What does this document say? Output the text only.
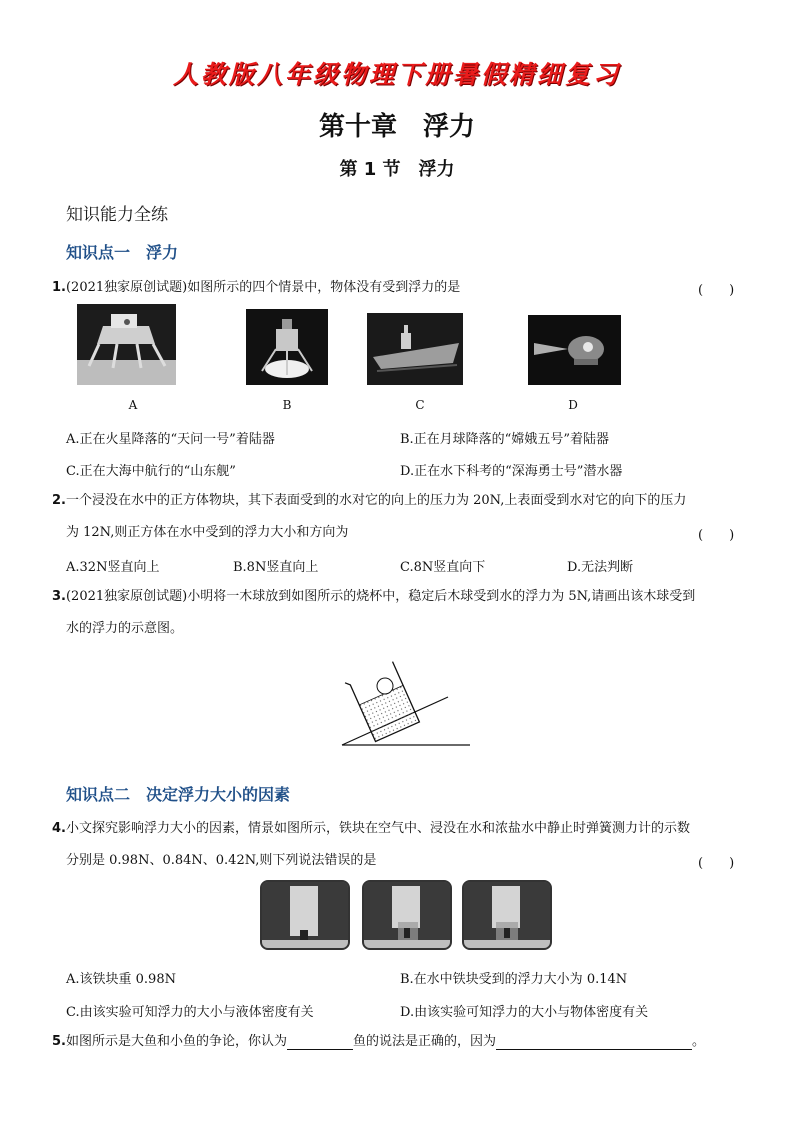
人教版八年级物理下册暑假精细复习
第十章　浮力
第 1 节　浮力
知识能力全练
知识点一　浮力
1.(2021独家原创试题)如图所示的四个情景中，物体没有受到浮力的是	(　　)
A	B	C	D
A.正在火星降落的“天问一号”着陆器	B.正在月球降落的“嫦娥五号”着陆器
C.正在大海中航行的“山东舰”	D.正在水下科考的“深海勇士号”潜水器
2.一个浸没在水中的正方体物块，其下表面受到的水对它的向上的压力为 20N,上表面受到水对它的向下的压力
为 12N,则正方体在水中受到的浮力大小和方向为	(　　)
A.32N竖直向上	B.8N竖直向上	C.8N竖直向下	D.无法判断
3.(2021独家原创试题)小明将一木球放到如图所示的烧杯中，稳定后木球受到水的浮力为 5N,请画出该木球受到
水的浮力的示意图。
知识点二　决定浮力大小的因素
4.小文探究影响浮力大小的因素，情景如图所示，铁块在空气中、浸没在水和浓盐水中静止时弹簧测力计的示数
分别是 0.98N、0.84N、0.42N,则下列说法错误的是	(　　)
A.该铁块重 0.98N	B.在水中铁块受到的浮力大小为 0.14N
C.由该实验可知浮力的大小与液体密度有关	D.由该实验可知浮力的大小与物体密度有关
5.如图所示是大鱼和小鱼的争论，你认为	鱼的说法是正确的，因为	。
